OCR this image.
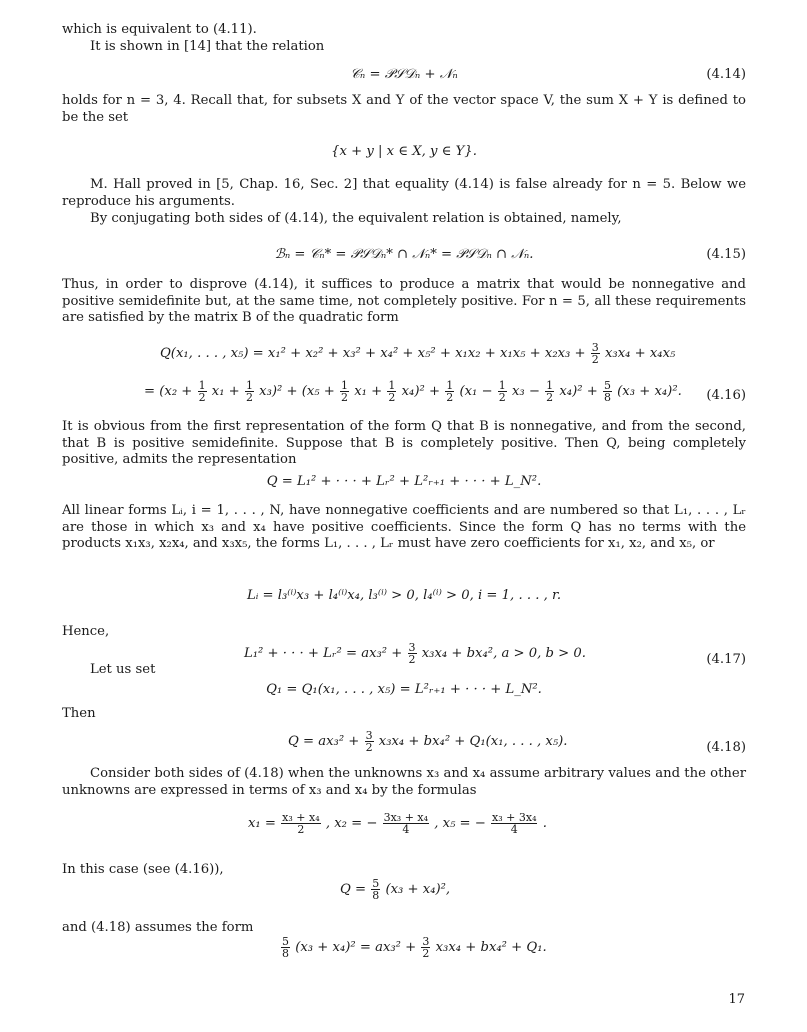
which is equivalent to (4.11).

It is shown in [14] that the relation

𝒞ₙ = 𝒫𝒮𝒟ₙ + 𝒩ₙ	(4.14)

holds for n = 3, 4. Recall that, for subsets X and Y of the vector space V, the sum X + Y is defined to be the set

{x + y | x ∈ X, y ∈ Y}.

M. Hall proved in [5, Chap. 16, Sec. 2] that equality (4.14) is false already for n = 5. Below we reproduce his arguments.

By conjugating both sides of (4.14), the equivalent relation is obtained, namely,

ℬₙ = 𝒞ₙ* = 𝒫𝒮𝒟ₙ* ∩ 𝒩ₙ* = 𝒫𝒮𝒟ₙ ∩ 𝒩ₙ.	(4.15)

Thus, in order to disprove (4.14), it suffices to produce a matrix that would be nonnegative and positive semidefinite but, at the same time, not completely positive. For n = 5, all these requirements are satisfied by the matrix B of the quadratic form

Q(x₁, . . . , $x_5) = x_1^2 + x_2^2 + x_3^2 + x_4^2 + x_5^2 + x_1x_2 + x_1x_5 + x_2x_3 + \frac{3}{2} x_3x_4 + x_4x_5$
= $(x_2 + \frac{1}{2} x_1 + \frac{1}{2} x_3)^2 + (x_5 + \frac{1}{2} x_1 + \frac{1}{2} x_4)^2 + \frac{1}{2} (x_1 - \frac{1}{2} x_3 - \frac{1}{2} x_4)^2 + \frac{5}{8} (x_3 + x_4)^2$. (4.16)

It is obvious from the first representation of the form Q that B is nonnegative, and from the second, that B is positive semidefinite. Suppose that B is completely positive. Then Q, being completely positive, admits the representation

Q = L₁² + · · · + Lᵣ² + L²ᵣ₊₁ + · · · + L_N².

All linear forms Lᵢ, i = 1, . . . , N, have nonnegative coefficients and are numbered so that L₁, . . . , Lᵣ are those in which x₃ and x₄ have positive coefficients. Since the form Q has no terms with the products x₁x₃, x₂x₄, and x₃x₅, the forms L₁, . . . , Lᵣ must have zero coefficients for x₁, x₂, and x₅, or

Lᵢ = l₃⁽ⁱ⁾x₃ + l₄⁽ⁱ⁾x₄, l₃⁽ⁱ⁾ > 0, l₄⁽ⁱ⁾ > 0, i = 1, . . . , r.
Hence,
L₁² + · · · + Lᵣ² = $ax_3^2 + \frac{3}{2} x_3x_4 + bx_4^2$, a > 0, b > 0.	(4.17)

Let us set

Q₁ = Q₁(x₁, . . . , x₅) = L²ᵣ₊₁ + · · · + L_N².

Then

$Q = ax_3^2 + \frac{3}{2} x_3x_4 + bx_4^2 + Q_1(x_1$, . . . , x₅).	(4.18)

Consider both sides of (4.18) when the unknowns x₃ and x₄ assume arbitrary values and the other unknowns are expressed in terms of x₃ and x₄ by the formulas

$x_1 = \frac{\text{x₃ + x₄}}{2}$ , x₂ = − $\frac{\text{3x₃ + x₄}}{4}$ , x₅ = − $\frac{\text{x₃ + 3x₄}}{4}$ .

In this case (see (4.16)),

$Q = \frac{5}{8} (x_3 + x_4)^2$,

and (4.18) assumes the form

$\frac{5}{8} (x_3 + x_4)^2 = ax_3^2 + \frac{3}{2} x_3x_4 + bx_4^2 + Q_1$.
17
